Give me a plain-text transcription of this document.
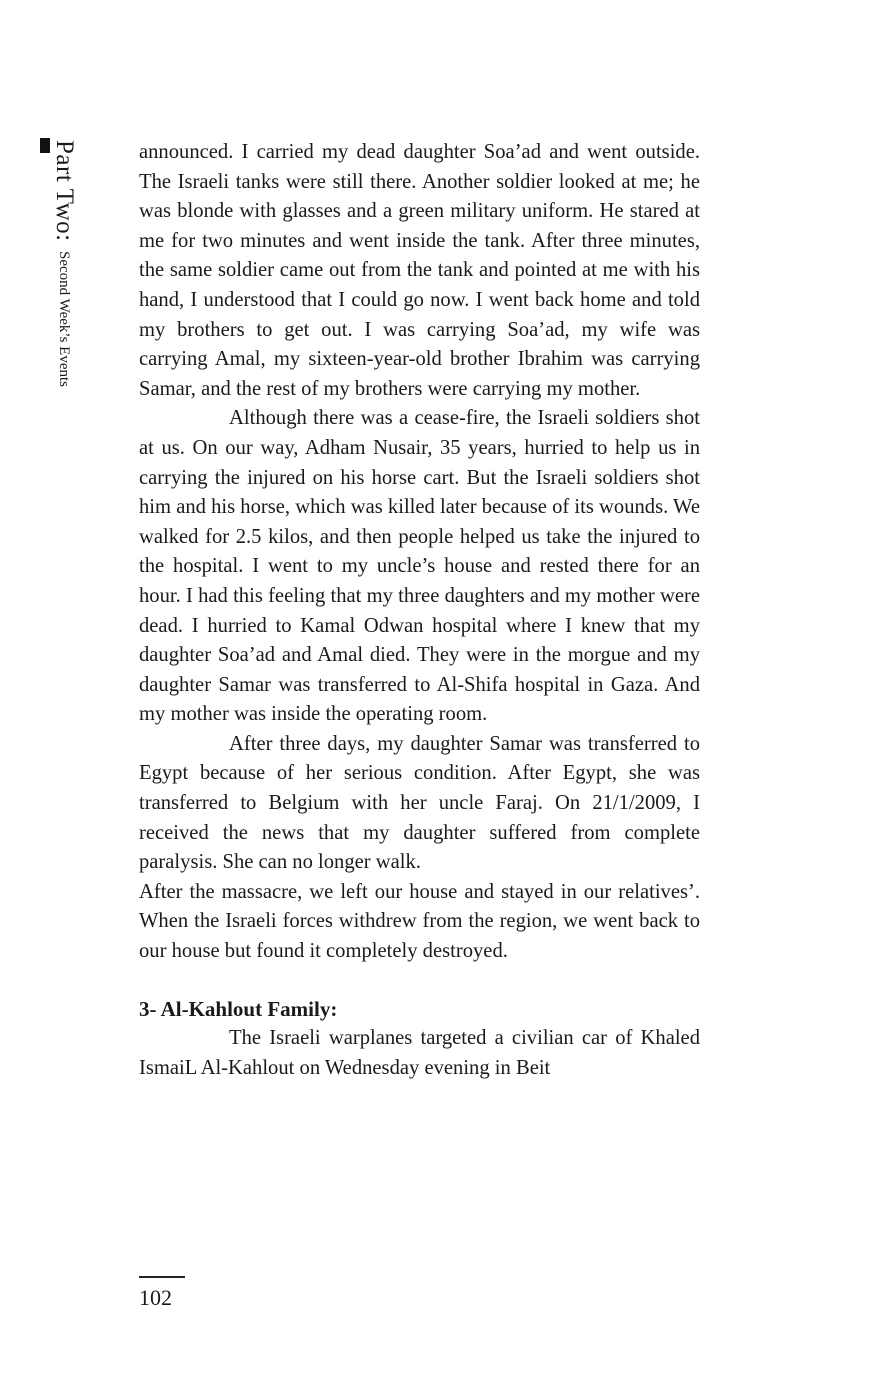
Part Two: Second Week’s Events

announced. I carried my dead daughter Soa’ad and went outside. The Israeli tanks were still there. Another soldier looked at me; he was blonde with glasses and a green military uniform. He stared at me for two minutes and went inside the tank. After three minutes, the same soldier came out from the tank and pointed at me with his hand, I understood that I could go now. I went back home and told my brothers to get out. I was carrying Soa’ad, my wife was carrying Amal, my sixteen-year-old brother Ibrahim was carrying Samar, and the rest of my brothers were carrying my mother.

Although there was a cease-fire, the Israeli soldiers shot at us. On our way, Adham Nusair, 35 years, hurried to help us in carrying the injured on his horse cart. But the Israeli soldiers shot him and his horse, which was killed later because of its wounds. We walked for 2.5 kilos, and then people helped us take the injured to the hospital. I went to my uncle’s house and rested there for an hour. I had this feeling that my three daughters and my mother were dead. I hurried to Kamal Odwan hospital where I knew that my daughter Soa’ad and Amal died. They were in the morgue and my daughter Samar was transferred to Al-Shifa hospital in Gaza. And my mother was inside the operating room.

After three days, my daughter Samar was transferred to Egypt because of her serious condition. After Egypt, she was transferred to Belgium with her uncle Faraj. On 21/1/2009, I received the news that my daughter suffered from complete paralysis. She can no longer walk.

After the massacre, we left our house and stayed in our relatives’. When the Israeli forces withdrew from the region, we went back to our house but found it completely destroyed.

3- Al-Kahlout Family:

The Israeli warplanes targeted a civilian car of Khaled IsmaiL Al-Kahlout on Wednesday evening in Beit

102
